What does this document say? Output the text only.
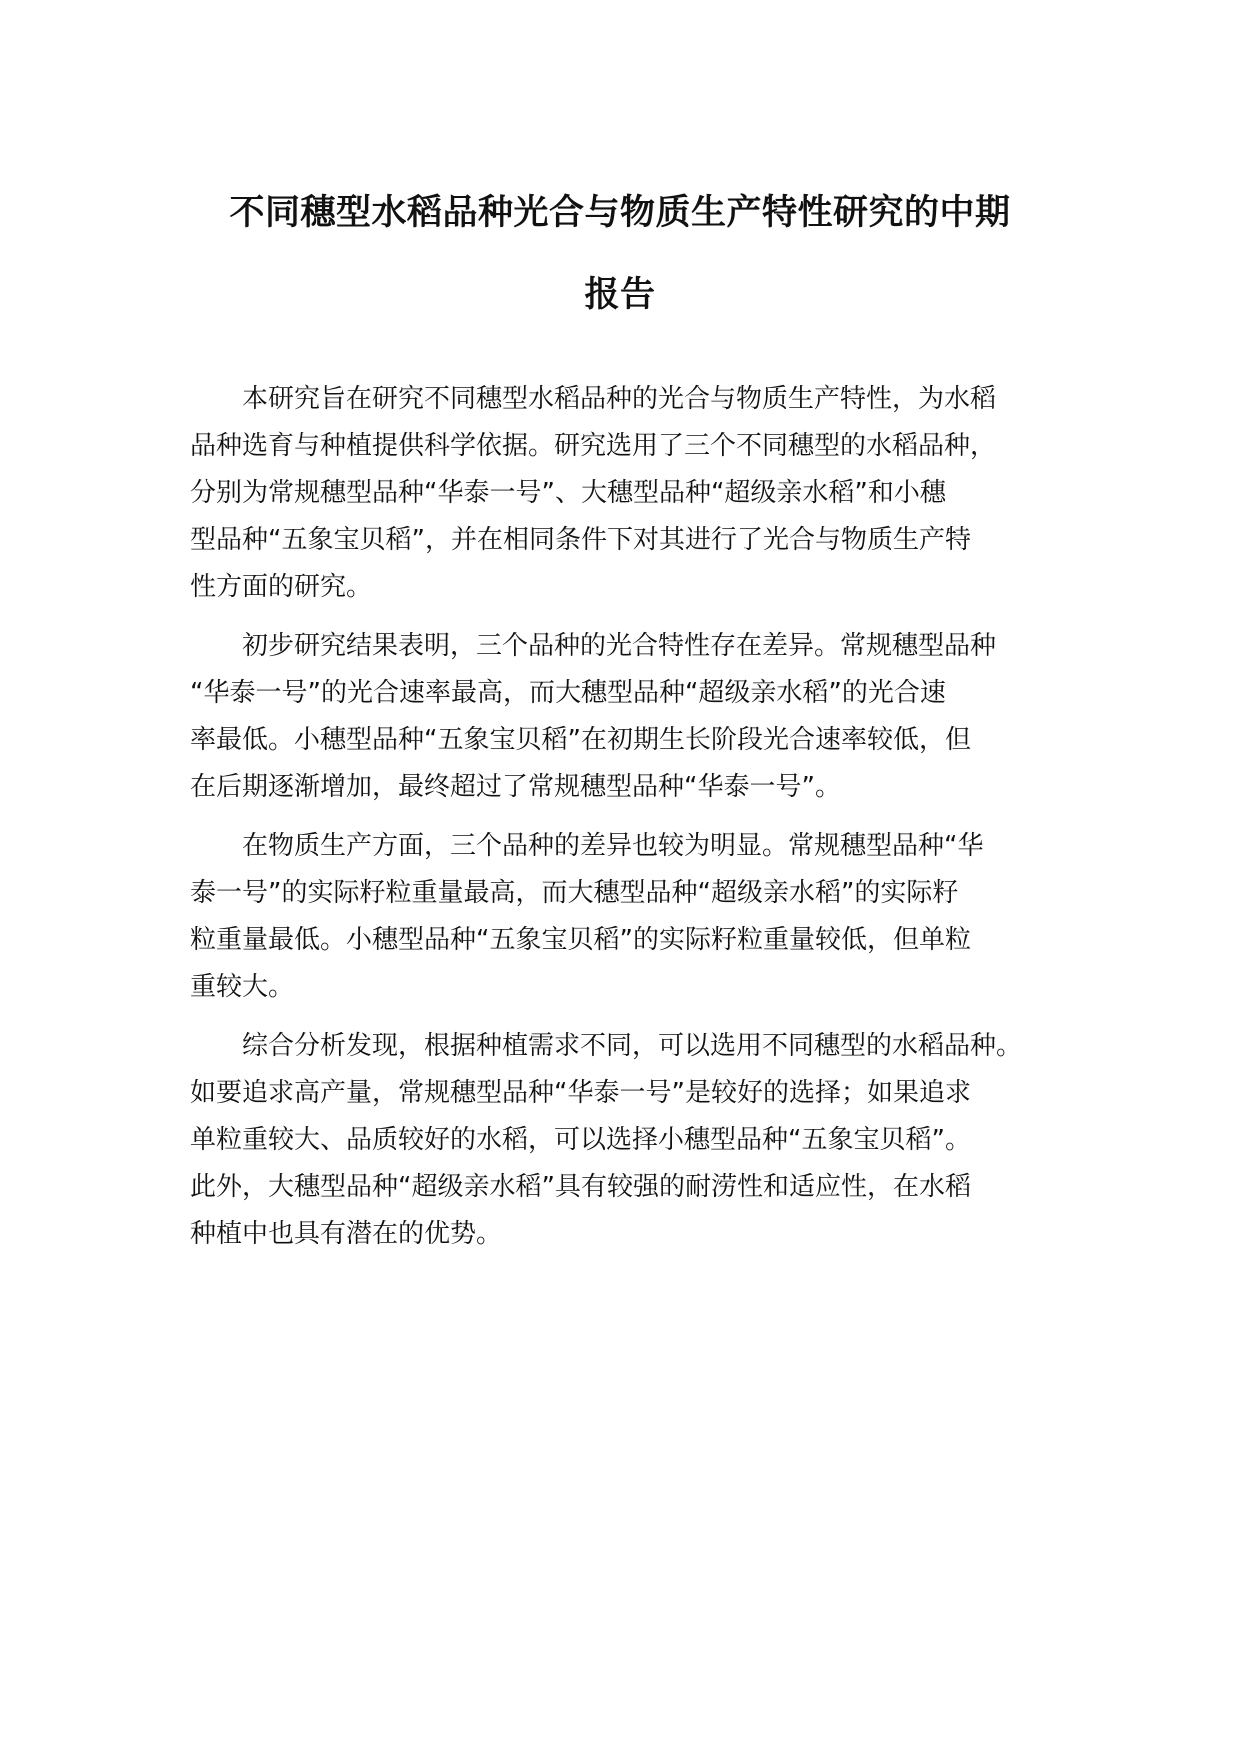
不同穗型水稻品种光合与物质生产特性研究的中期
报告

本研究旨在研究不同穗型水稻品种的光合与物质生产特性，为水稻
品种选育与种植提供科学依据。研究选用了三个不同穗型的水稻品种，
分别为常规穗型品种“华泰一号”、大穗型品种“超级亲水稻”和小穗
型品种“五象宝贝稻”，并在相同条件下对其进行了光合与物质生产特
性方面的研究。

初步研究结果表明，三个品种的光合特性存在差异。常规穗型品种
“华泰一号”的光合速率最高，而大穗型品种“超级亲水稻”的光合速
率最低。小穗型品种“五象宝贝稻”在初期生长阶段光合速率较低，但
在后期逐渐增加，最终超过了常规穗型品种“华泰一号”。

在物质生产方面，三个品种的差异也较为明显。常规穗型品种“华
泰一号”的实际籽粒重量最高，而大穗型品种“超级亲水稻”的实际籽
粒重量最低。小穗型品种“五象宝贝稻”的实际籽粒重量较低，但单粒
重较大。

综合分析发现，根据种植需求不同，可以选用不同穗型的水稻品种。
如要追求高产量，常规穗型品种“华泰一号”是较好的选择；如果追求
单粒重较大、品质较好的水稻，可以选择小穗型品种“五象宝贝稻”。
此外，大穗型品种“超级亲水稻”具有较强的耐涝性和适应性，在水稻
种植中也具有潜在的优势。
